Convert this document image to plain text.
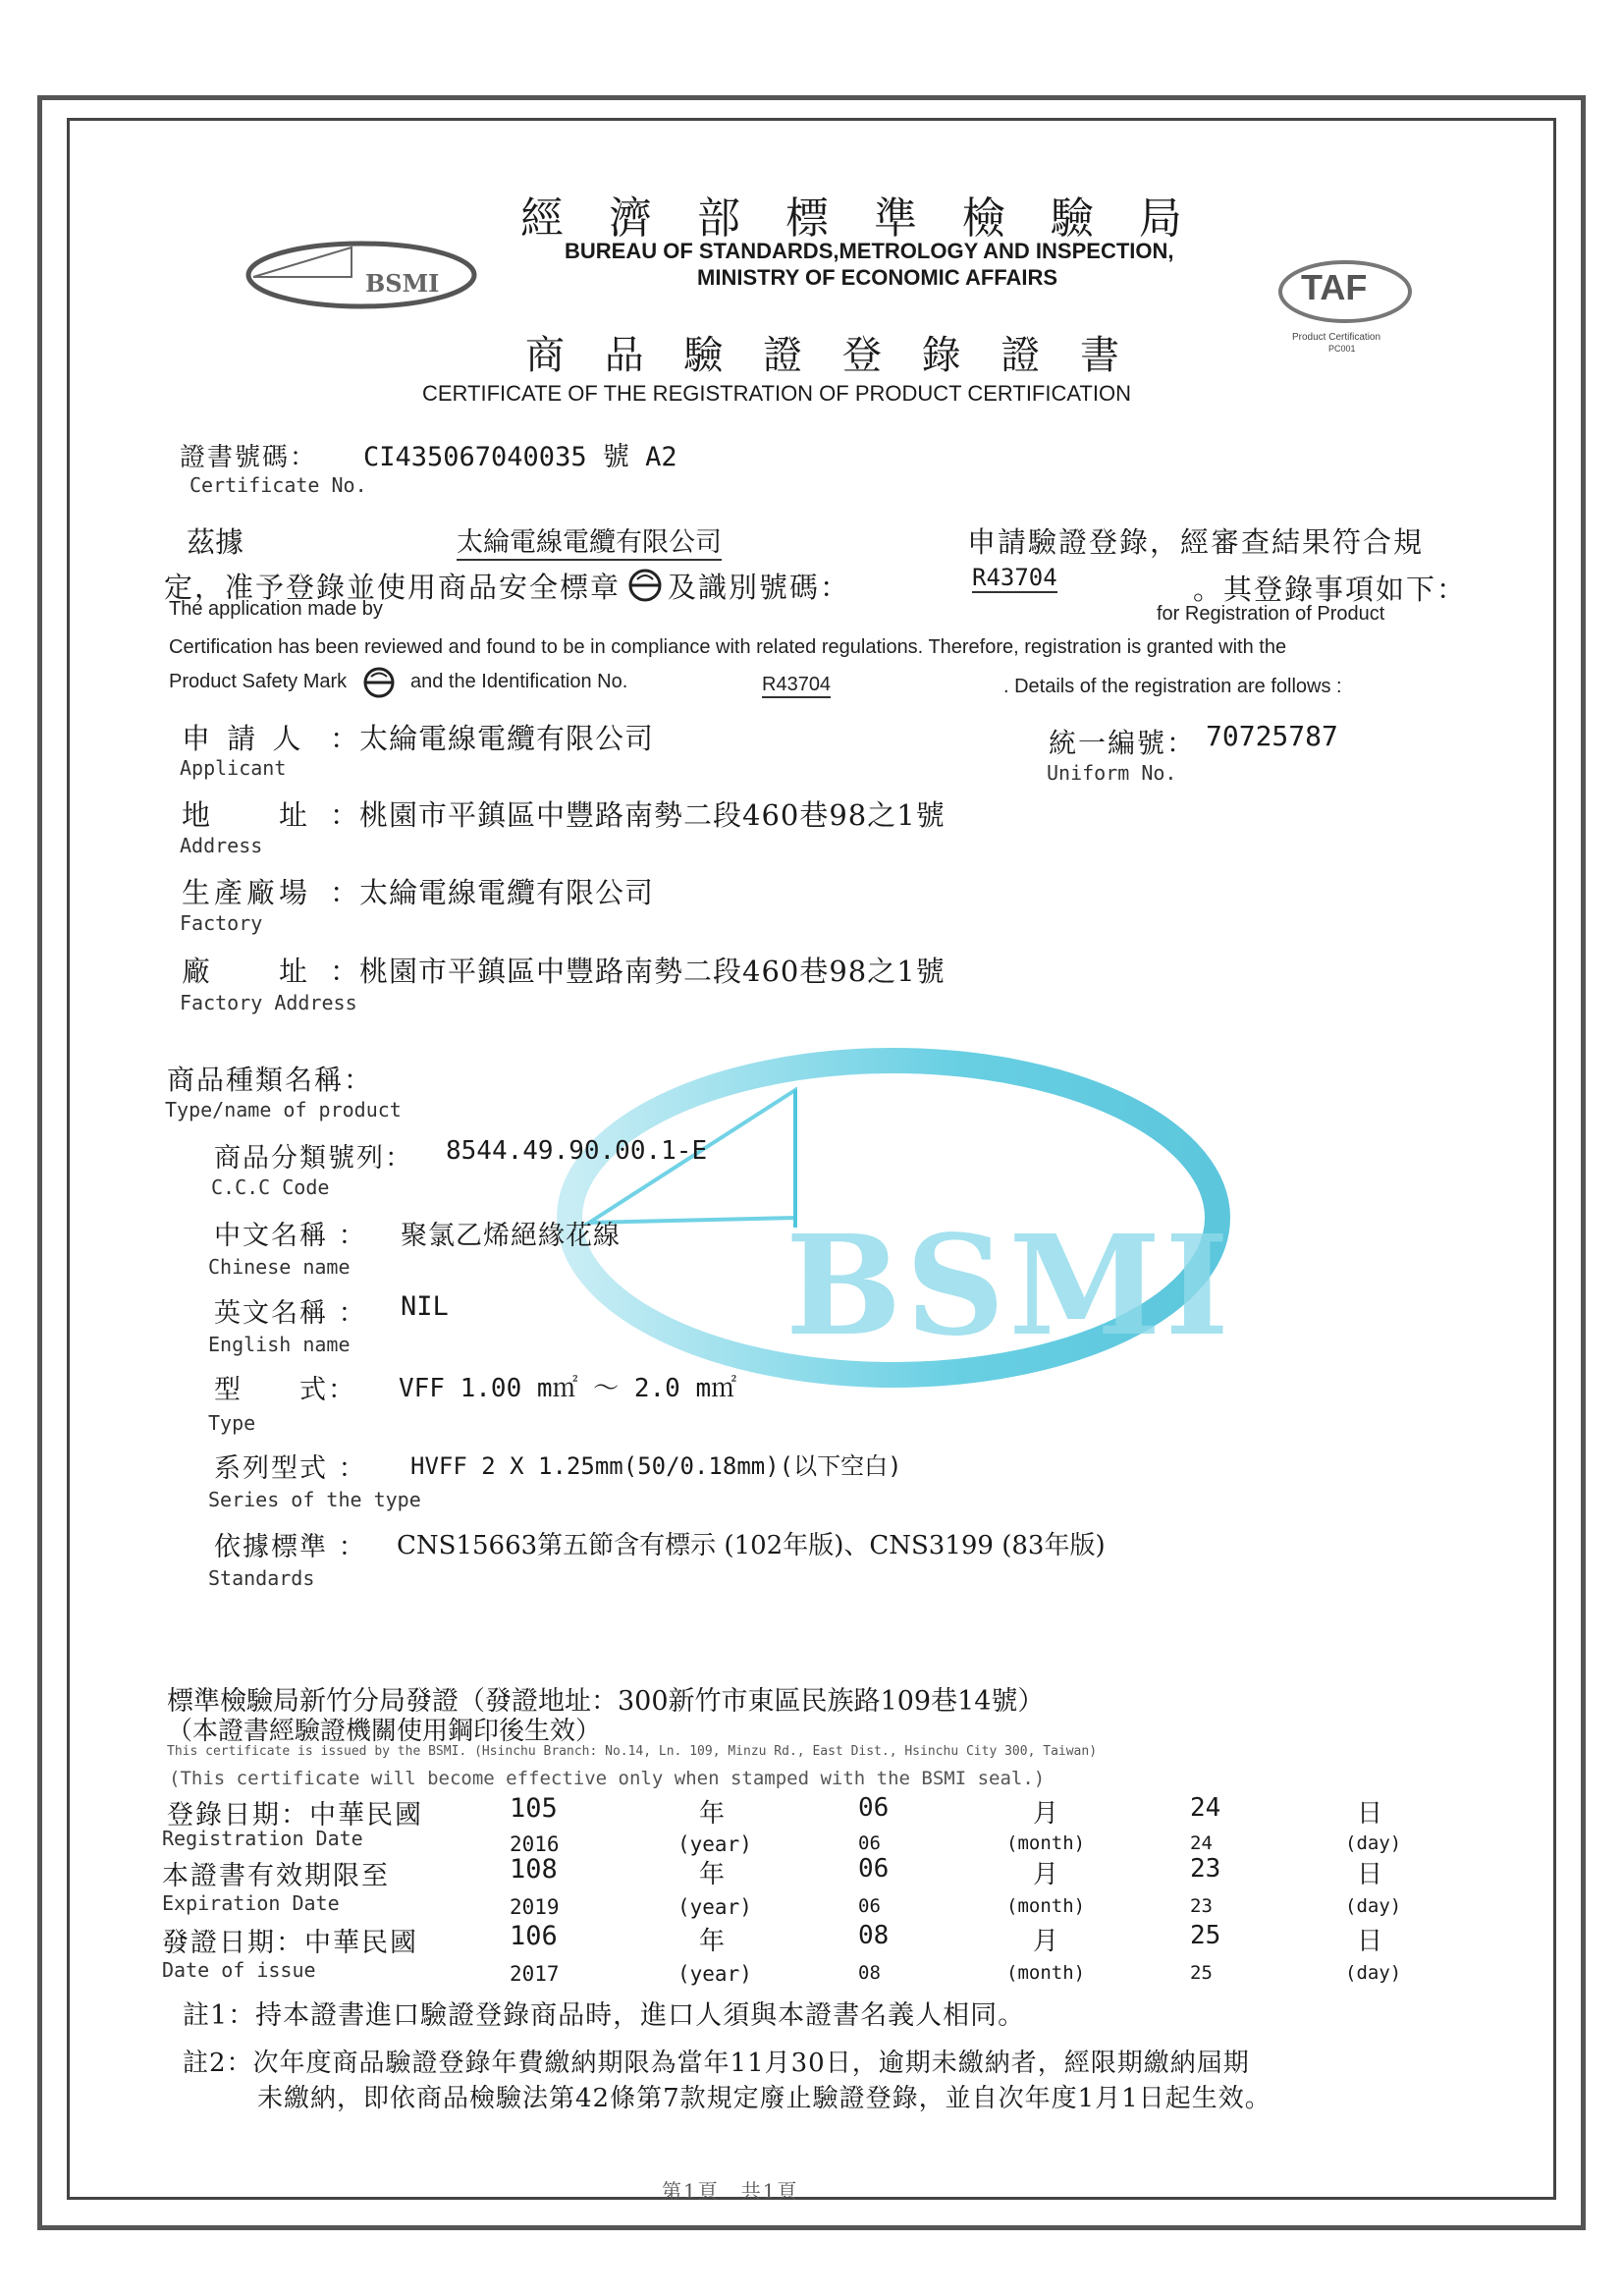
BSMI
經 濟 部 標 準 檢 驗 局
BUREAU OF STANDARDS,METROLOGY AND INSPECTION,
MINISTRY OF ECONOMIC AFFAIRS
BSMI	TAF
Product Certification
PC001
商 品 驗 證 登 錄 證 書
CERTIFICATE OF THE REGISTRATION OF PRODUCT CERTIFICATION
證書號碼： CI435067040035 號 A2
Certificate No.
茲據	太綸電線電纜有限公司	申請驗證登錄，經審查結果符合規
定，准予登錄並使用商品安全標章 及識別號碼：	R43704	。其登錄事項如下：
The application made by	for Registration of Product
Certification has been reviewed and found to be in compliance with related regulations. Therefore, registration is granted with the
Product Safety Mark	and the Identification No.	R43704	. Details of the registration are follows :
申 請 人 ：太綸電線電纜有限公司
Applicant
統一編號： 70725787
Uniform No.
地　　址 ：桃園市平鎮區中豐路南勢二段460巷98之1號
Address
生產廠場 ：太綸電線電纜有限公司
Factory
廠　　址 ：桃園市平鎮區中豐路南勢二段460巷98之1號
Factory Address
商品種類名稱：
Type/name of product
商品分類號列： 8544.49.90.00.1-E
C.C.C Code
中文名稱 ： 聚氯乙烯絕緣花線
Chinese name
英文名稱 ： NIL
English name
型　　式： VFF 1.00 m㎡ ～ 2.0 m㎡
Type
系列型式 ： HVFF 2 X 1.25mm(50/0.18mm)(以下空白)
Series of the type
依據標準 ： CNS15663第五節含有標示 (102年版)、CNS3199 (83年版)
Standards
標準檢驗局新竹分局發證（發證地址：300新竹市東區民族路109巷14號）
（本證書經驗證機關使用鋼印後生效）
This certificate is issued by the BSMI. (Hsinchu Branch: No.14, Ln. 109, Minzu Rd., East Dist., Hsinchu City 300, Taiwan)
(This certificate will become effective only when stamped with the BSMI seal.)
登錄日期：中華民國	105	年	06	月	24	日
Registration Date	2016	(year)	06	(month)	24	(day)
本證書有效期限至	108	年	06	月	23	日
Expiration Date	2019	(year)	06	(month)	23	(day)
發證日期：中華民國	106	年	08	月	25	日
Date of issue	2017	(year)	08	(month)	25	(day)
註1：持本證書進口驗證登錄商品時，進口人須與本證書名義人相同。
註2：次年度商品驗證登錄年費繳納期限為當年11月30日，逾期未繳納者，經限期繳納屆期
未繳納，即依商品檢驗法第42條第7款規定廢止驗證登錄，並自次年度1月1日起生效。
第1頁　共1頁
